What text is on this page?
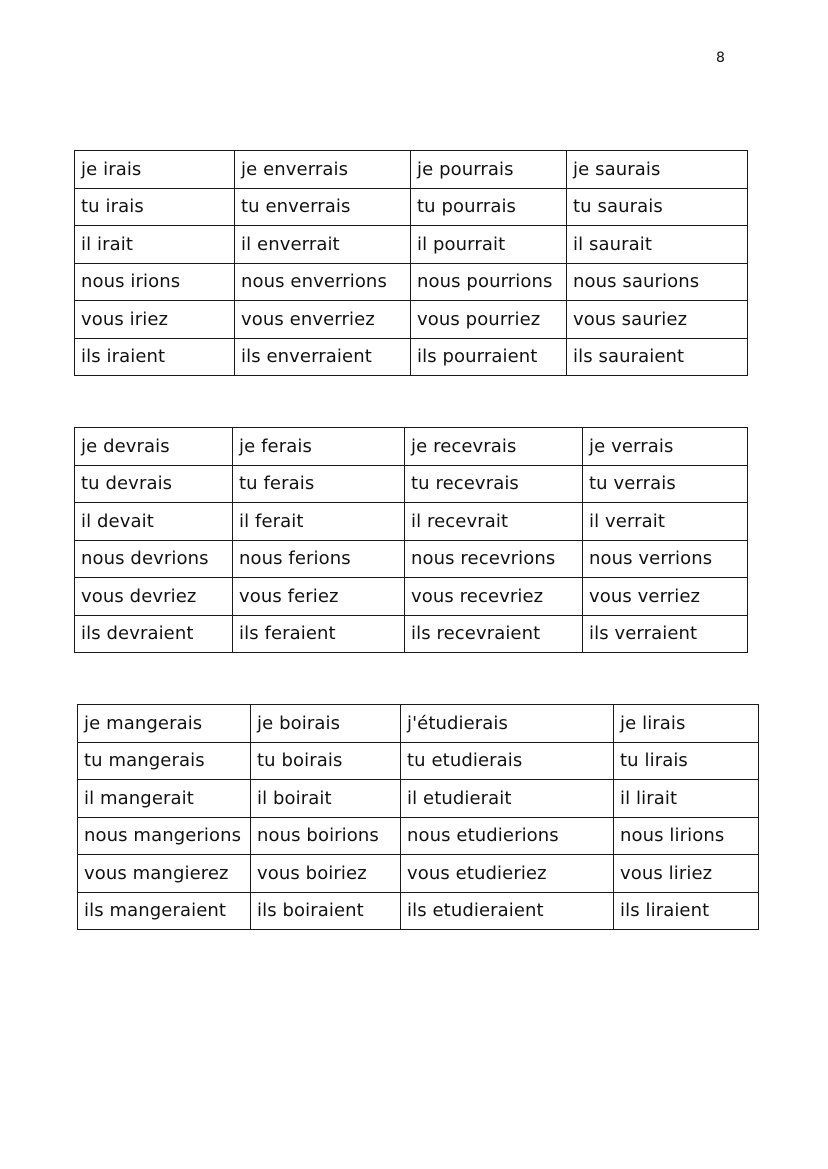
8
je irais	je enverrais	je pourrais	je saurais
tu irais	tu enverrais	tu pourrais	tu saurais
il irait	il enverrait	il pourrait	il saurait
nous irions	nous enverrions	nous pourrions	nous saurions
vous iriez	vous enverriez	vous pourriez	vous sauriez
ils iraient	ils enverraient	ils pourraient	ils sauraient
je devrais	je ferais	je recevrais	je verrais
tu devrais	tu ferais	tu recevrais	tu verrais
il devait	il ferait	il recevrait	il verrait
nous devrions	nous ferions	nous recevrions	nous verrions
vous devriez	vous feriez	vous recevriez	vous verriez
ils devraient	ils feraient	ils recevraient	ils verraient
je mangerais	je boirais	j'étudierais	je lirais
tu mangerais	tu boirais	tu etudierais	tu lirais
il mangerait	il boirait	il etudierait	il lirait
nous mangerions	nous boirions	nous etudierions	nous lirions
vous mangierez	vous boiriez	vous etudieriez	vous liriez
ils mangeraient	ils boiraient	ils etudieraient	ils liraient
